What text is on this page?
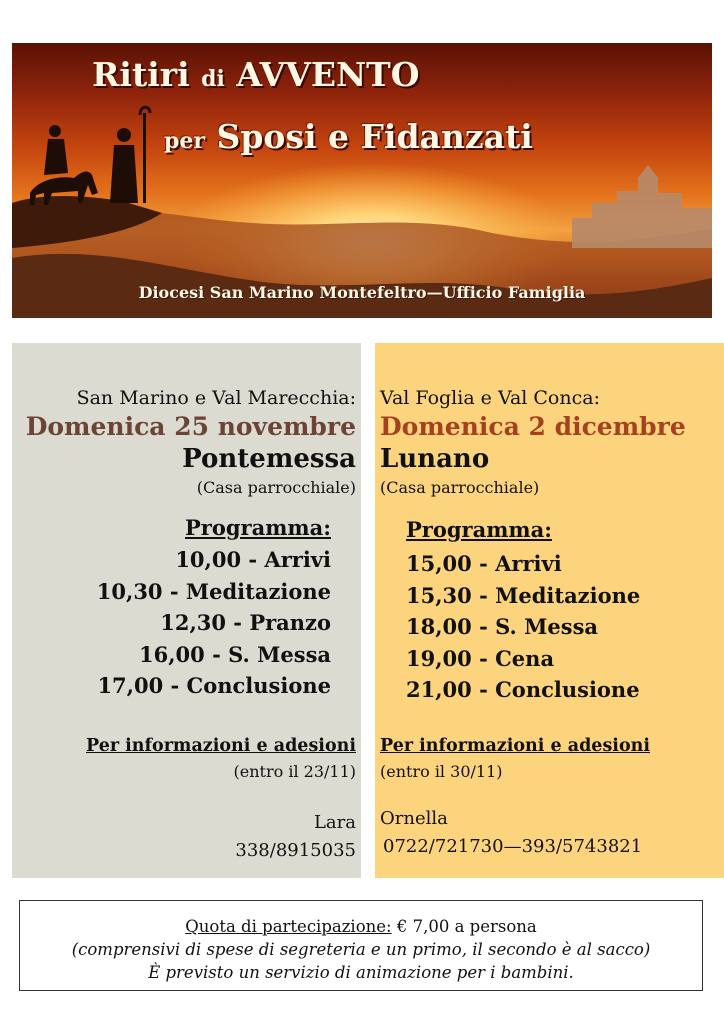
Ritiri di AVVENTO
per Sposi e Fidanzati
Diocesi San Marino Montefeltro—Ufficio Famiglia
San Marino e Val Marecchia:
Domenica 25 novembre
Pontemessa
(Casa parrocchiale)
Programma:
10,00 - Arrivi
10,30 - Meditazione
12,30 - Pranzo
16,00 - S. Messa
17,00 - Conclusione
Per informazioni e adesioni
(entro il 23/11)
Lara
338/8915035
Val Foglia e Val Conca:
Domenica 2 dicembre
Lunano
(Casa parrocchiale)
Programma:
15,00 - Arrivi
15,30 - Meditazione
18,00 - S. Messa
19,00 - Cena
21,00 - Conclusione
Per informazioni e adesioni
(entro il 30/11)
Ornella
0722/721730—393/5743821
Quota di partecipazione: € 7,00 a persona
(comprensivi di spese di segreteria e un primo, il secondo è al sacco)
È previsto un servizio di animazione per i bambini.
